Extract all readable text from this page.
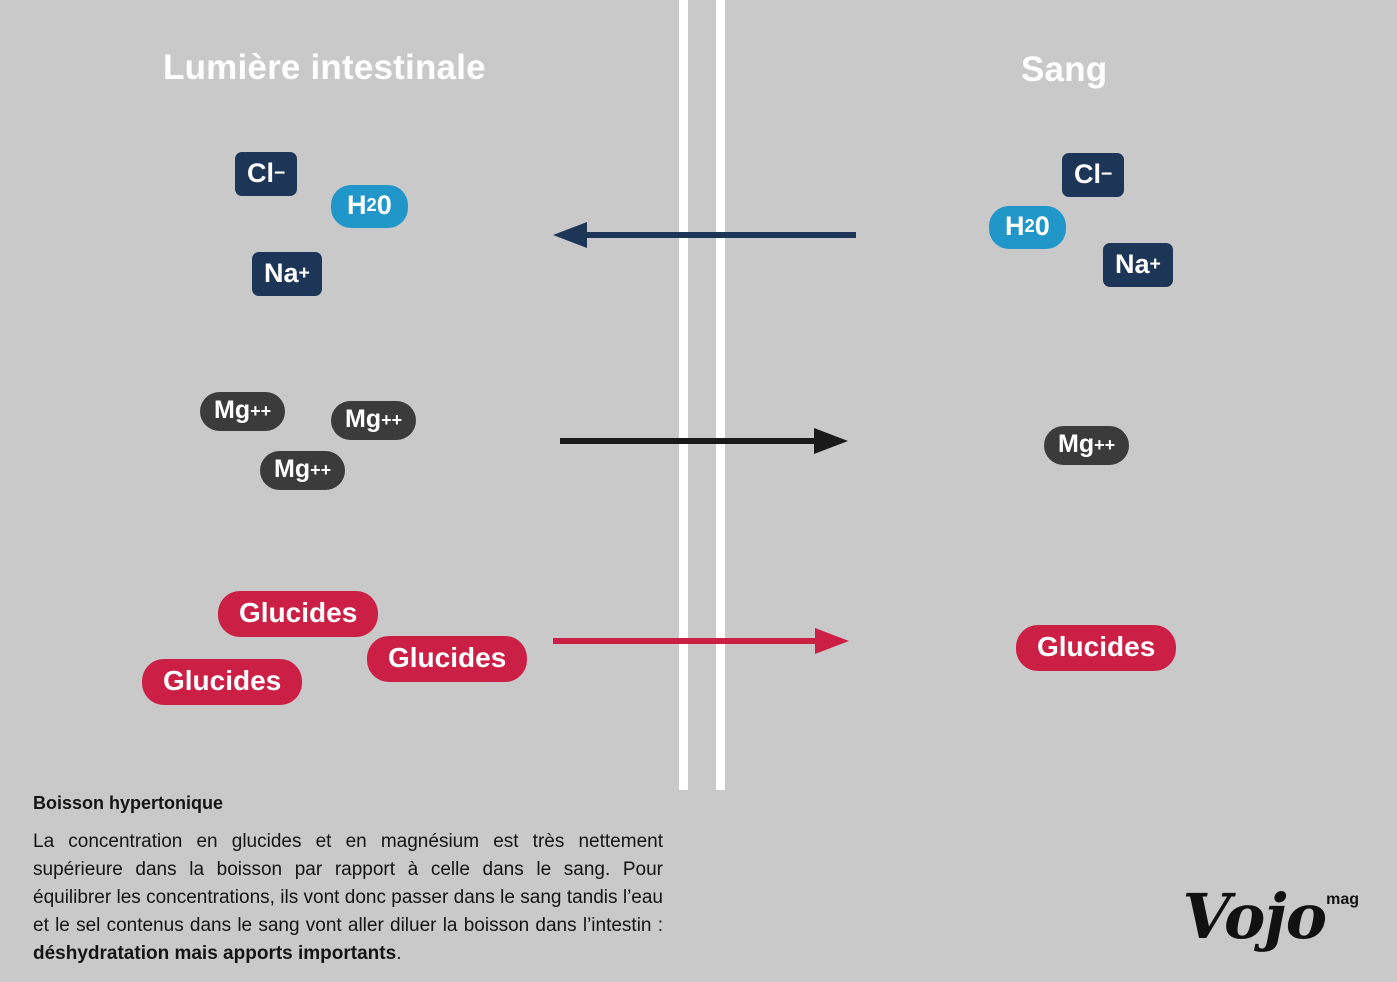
Lumière intestinale	Sang
Cl −
H 2 0
Na +
Mg ++	Mg ++
Mg ++
Glucides
Glucides
Glucides
Cl −
H 2 0
Na +
Mg ++
Glucides

Boisson hypertonique

La concentration en glucides et en magnésium est très nettement supérieure dans la boisson par rapport à celle dans le sang. Pour équilibrer les concentrations, ils vont donc passer dans le sang tandis l’eau et le sel contenus dans le sang vont aller diluer la boisson dans l’intestin : déshydratation mais apports importants.

Vojo$^{mag}$
